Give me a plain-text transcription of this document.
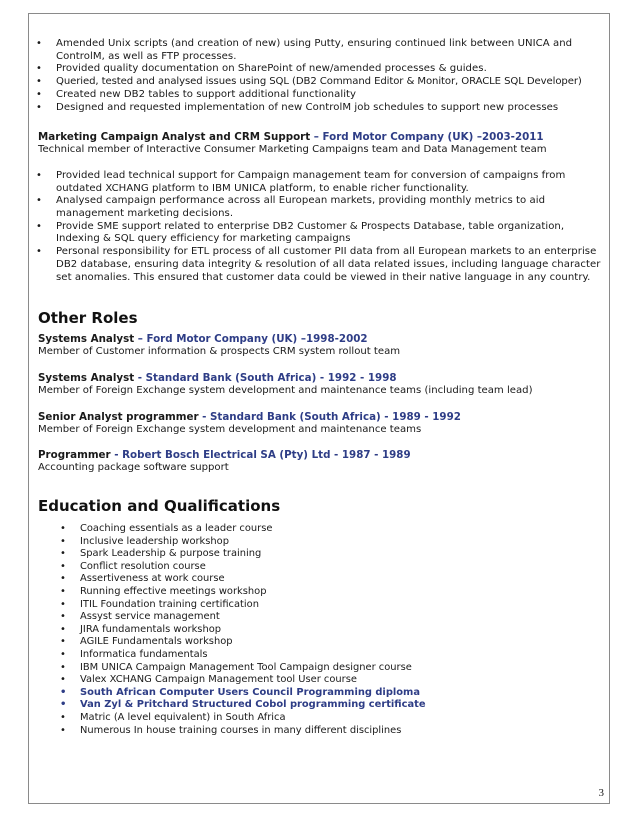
• Amended Unix scripts (and creation of new) using Putty, ensuring continued link between UNICA and ControlM, as well as FTP processes.
• Provided quality documentation on SharePoint of new/amended processes & guides.
• Queried, tested and analysed issues using SQL (DB2 Command Editor & Monitor, ORACLE SQL Developer)
• Created new DB2 tables to support additional functionality
• Designed and requested implementation of new ControlM job schedules to support new processes
Marketing Campaign Analyst and CRM Support – Ford Motor Company (UK) –2003-2011
Technical member of Interactive Consumer Marketing Campaigns team and Data Management team
• Provided lead technical support for Campaign management team for conversion of campaigns from outdated XCHANG platform to IBM UNICA platform, to enable richer functionality.
• Analysed campaign performance across all European markets, providing monthly metrics to aid management marketing decisions.
• Provide SME support related to enterprise DB2 Customer & Prospects Database, table organization, Indexing & SQL query efficiency for marketing campaigns
• Personal responsibility for ETL process of all customer PII data from all European markets to an enterprise DB2 database, ensuring data integrity & resolution of all data related issues, including language character set anomalies. This ensured that customer data could be viewed in their native language in any country.
Other Roles
Systems Analyst – Ford Motor Company (UK) –1998-2002
Member of Customer information & prospects CRM system rollout team
Systems Analyst - Standard Bank (South Africa) - 1992 - 1998
Member of Foreign Exchange system development and maintenance teams (including team lead)
Senior Analyst programmer - Standard Bank (South Africa) - 1989 - 1992
Member of Foreign Exchange system development and maintenance teams
Programmer - Robert Bosch Electrical SA (Pty) Ltd - 1987 - 1989
Accounting package software support
Education and Qualifications
• Coaching essentials as a leader course
• Inclusive leadership workshop
• Spark Leadership & purpose training
• Conflict resolution course
• Assertiveness at work course
• Running effective meetings workshop
• ITIL Foundation training certification
• Assyst service management
• JIRA fundamentals workshop
• AGILE Fundamentals workshop
• Informatica fundamentals
• IBM UNICA Campaign Management Tool Campaign designer course
• Valex XCHANG Campaign Management tool User course
• South African Computer Users Council Programming diploma
• Van Zyl & Pritchard Structured Cobol programming certificate
• Matric (A level equivalent) in South Africa
• Numerous In house training courses in many different disciplines
3
